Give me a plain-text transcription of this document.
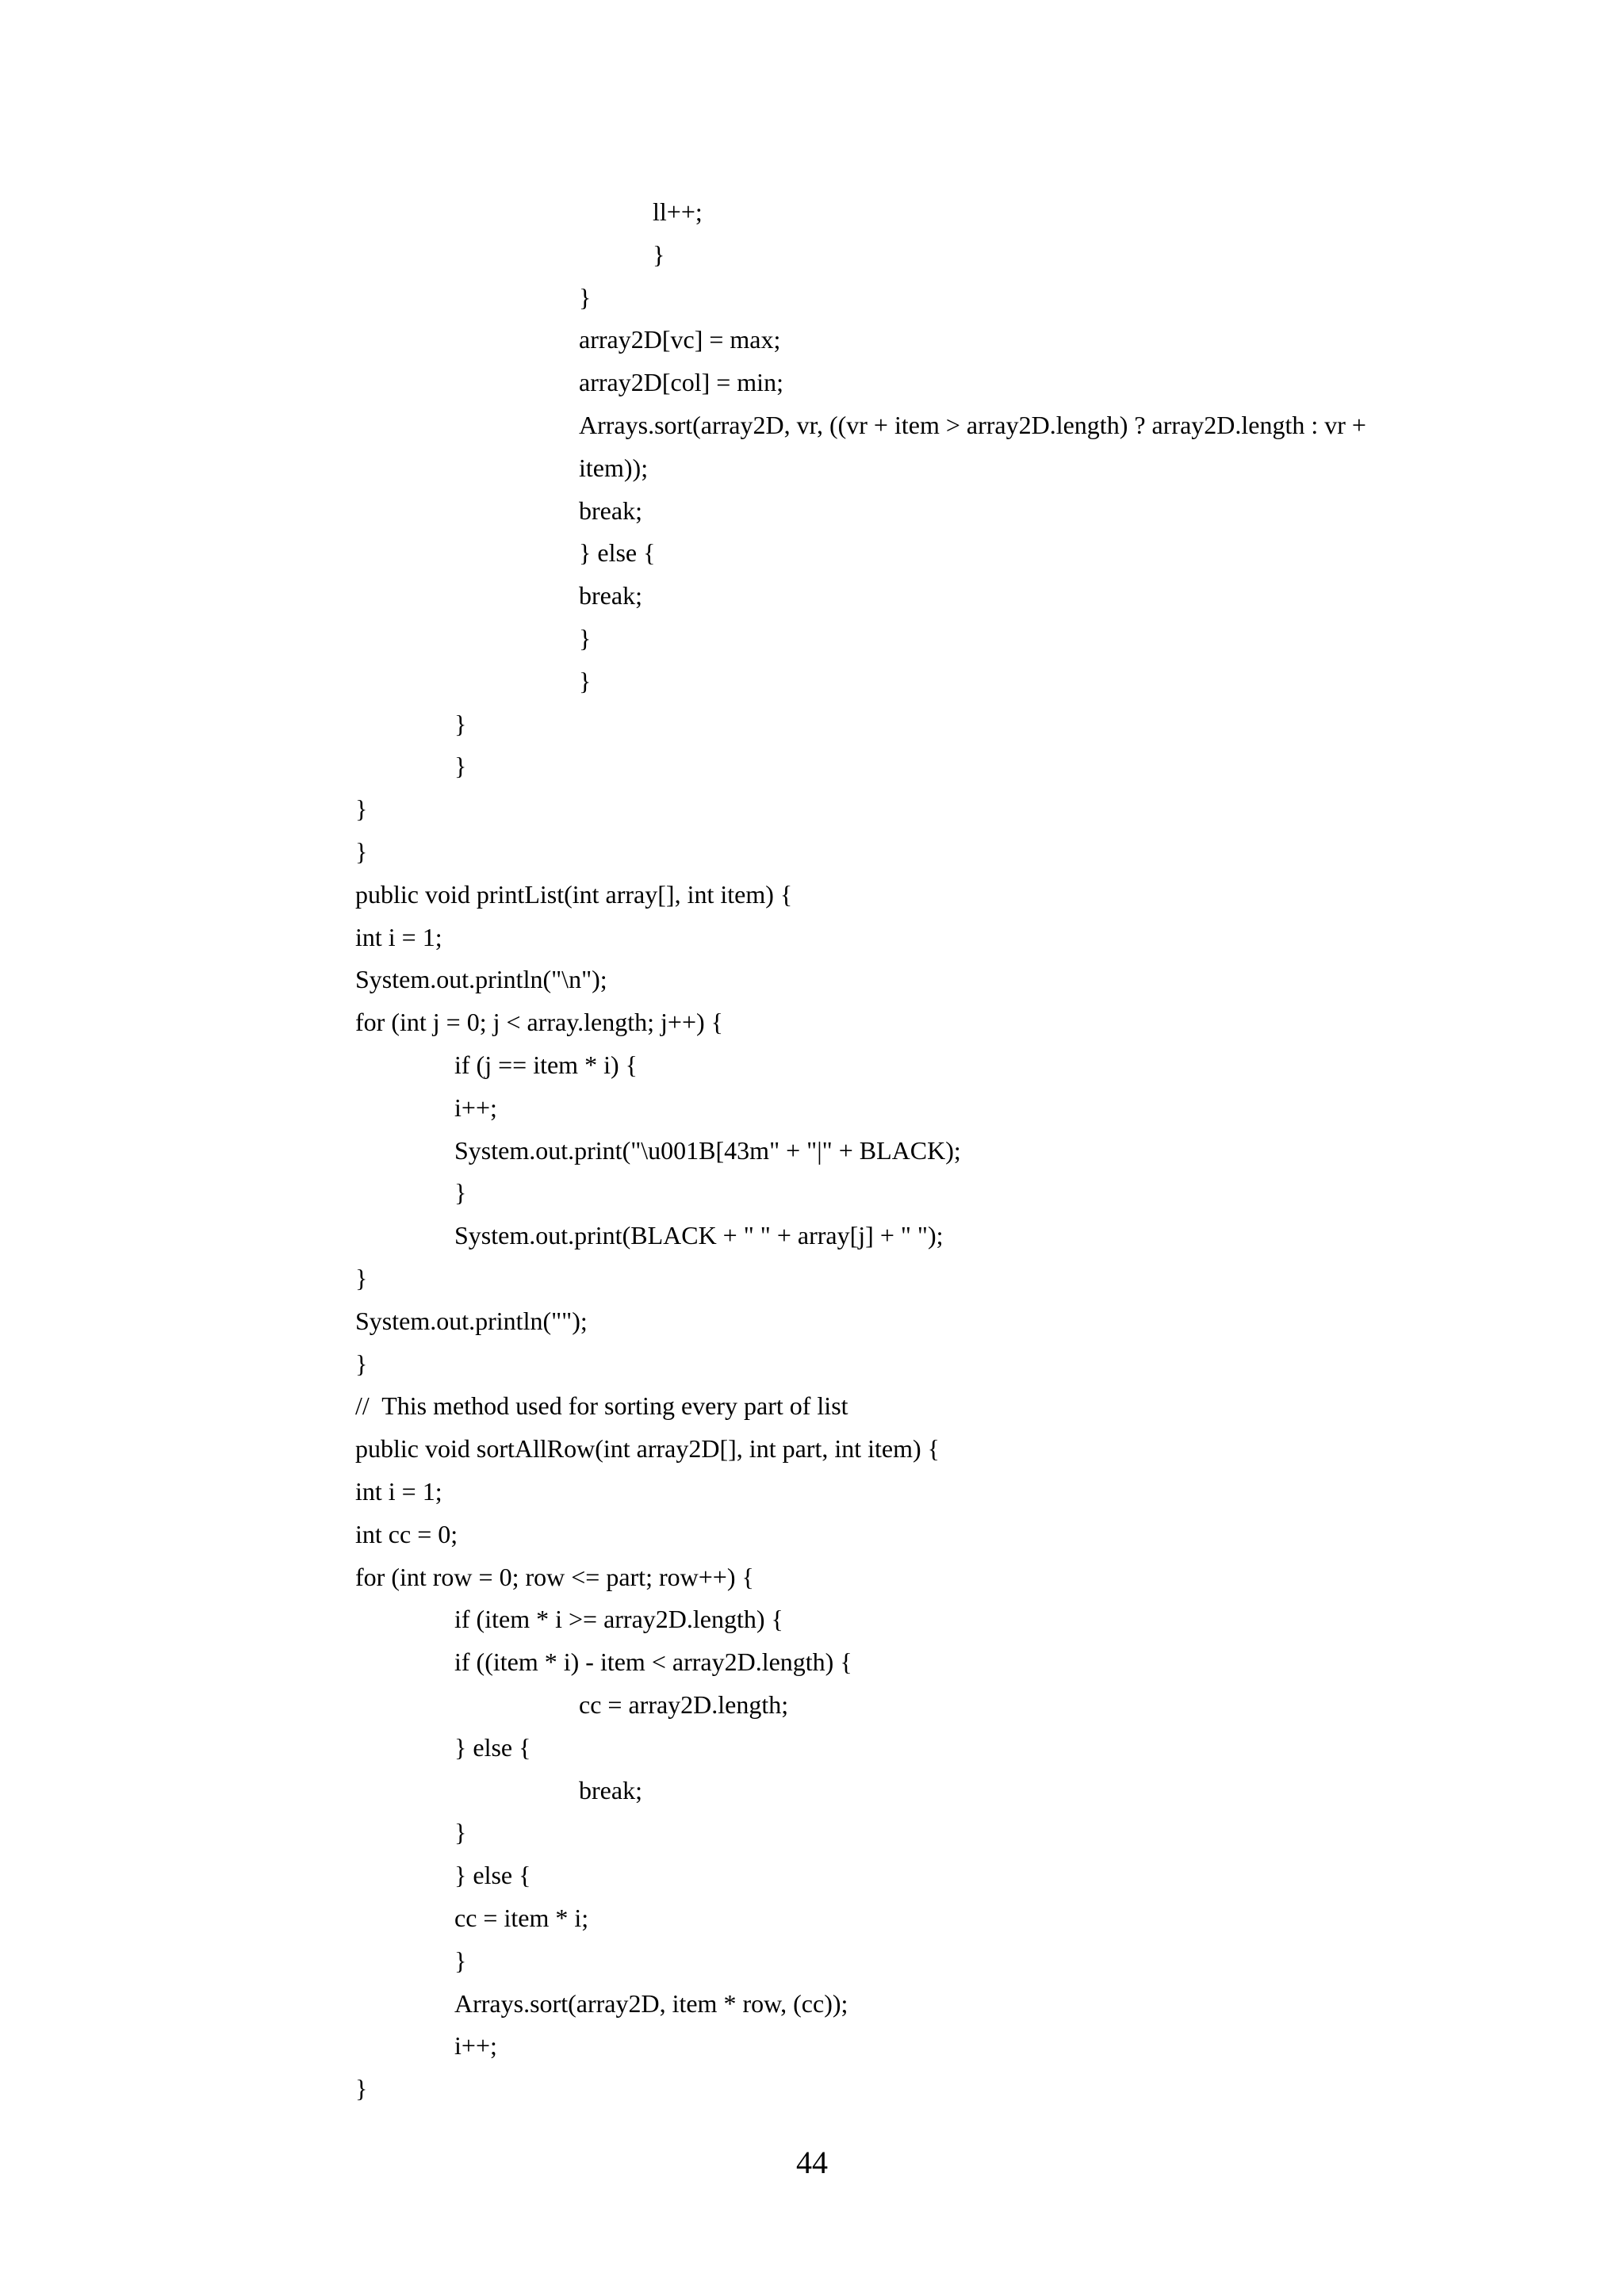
ll++;

}

}

array2D[vc] = max;

array2D[col] = min;

Arrays.sort(array2D, vr, ((vr + item > array2D.length) ? array2D.length : vr +

item));

break;

} else {

break;

}

}

}

}

}

}

public void printList(int array[], int item) {

int i = 1;

System.out.println("\n");

for (int j = 0; j < array.length; j++) {

if (j == item * i) {

i++;

System.out.print("\u001B[43m" + "|" + BLACK);

}

System.out.print(BLACK + " " + array[j] + " ");

}

System.out.println("");

}

//  This method used for sorting every part of list

public void sortAllRow(int array2D[], int part, int item) {

int i = 1;

int cc = 0;

for (int row = 0; row <= part; row++) {

if (item * i >= array2D.length) {

if ((item * i) - item < array2D.length) {

cc = array2D.length;

} else {

break;

}

} else {

cc = item * i;

}

Arrays.sort(array2D, item * row, (cc));

i++;

}

44
